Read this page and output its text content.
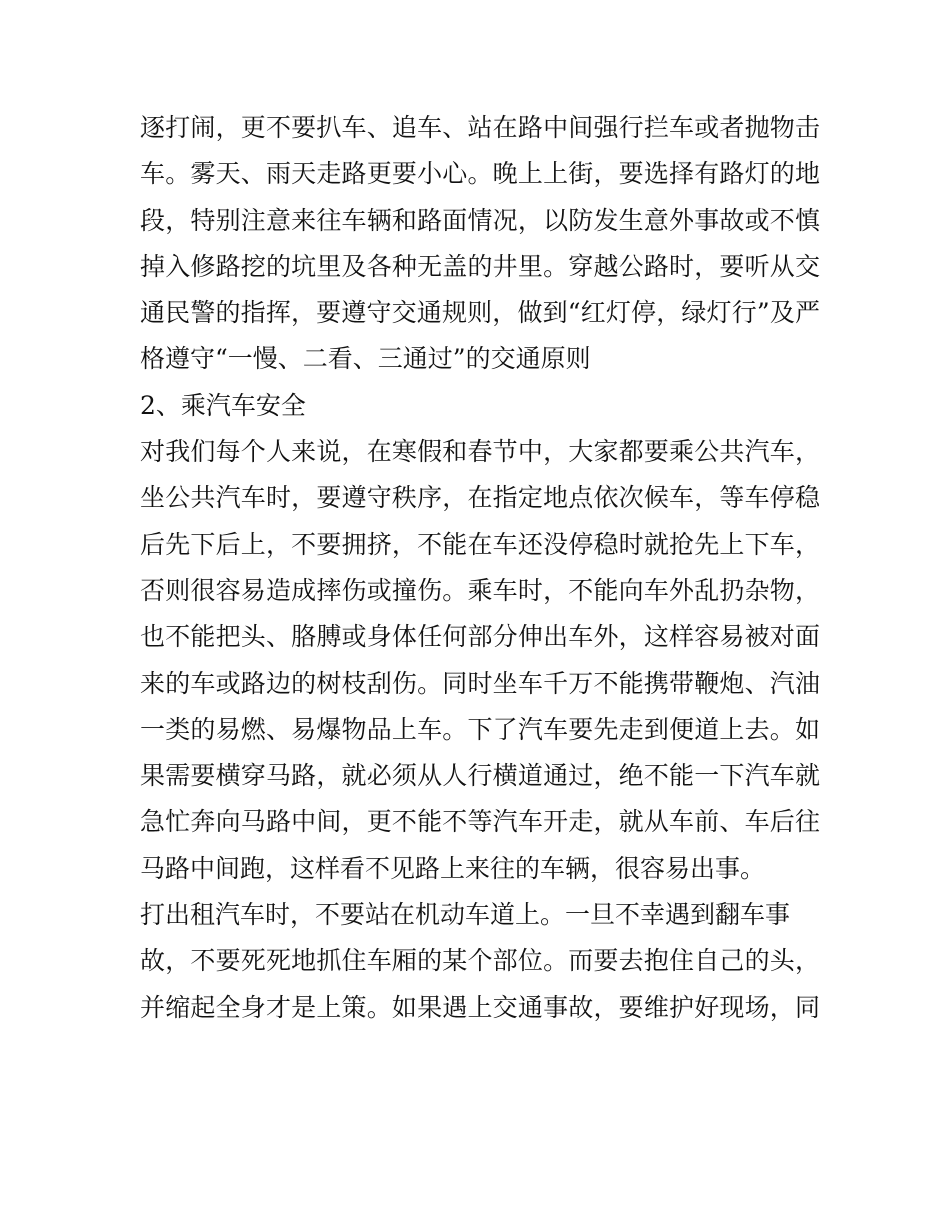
逐打闹，更不要扒车、追车、站在路中间强行拦车或者抛物击
车。雾天、雨天走路更要小心。晚上上街，要选择有路灯的地
段，特别注意来往车辆和路面情况，以防发生意外事故或不慎
掉入修路挖的坑里及各种无盖的井里。穿越公路时，要听从交
通民警的指挥，要遵守交通规则，做到“红灯停，绿灯行”及严
格遵守“一慢、二看、三通过”的交通原则
2、乘汽车安全
对我们每个人来说，在寒假和春节中，大家都要乘公共汽车，
坐公共汽车时，要遵守秩序，在指定地点依次候车，等车停稳
后先下后上，不要拥挤，不能在车还没停稳时就抢先上下车，
否则很容易造成摔伤或撞伤。乘车时，不能向车外乱扔杂物，
也不能把头、胳膊或身体任何部分伸出车外，这样容易被对面
来的车或路边的树枝刮伤。同时坐车千万不能携带鞭炮、汽油
一类的易燃、易爆物品上车。下了汽车要先走到便道上去。如
果需要横穿马路，就必须从人行横道通过，绝不能一下汽车就
急忙奔向马路中间，更不能不等汽车开走，就从车前、车后往
马路中间跑，这样看不见路上来往的车辆，很容易出事。
打出租汽车时，不要站在机动车道上。一旦不幸遇到翻车事
故，不要死死地抓住车厢的某个部位。而要去抱住自己的头，
并缩起全身才是上策。如果遇上交通事故，要维护好现场，同
